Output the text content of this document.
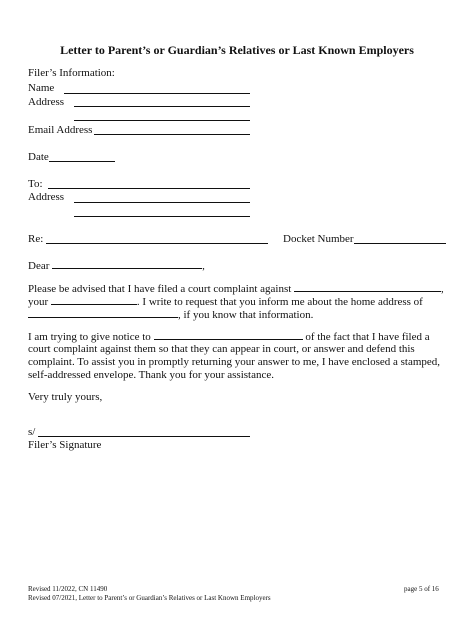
Letter to Parent’s or Guardian’s Relatives or Last Known Employers
Filer’s Information:
Name
Address
Email Address
Date
To:
Address
Re:	Docket Number
Dear	,
Please be advised that I have filed a court complaint against	,
your	. I write to request that you inform me about the home address of
, if you know that information.
I am trying to give notice to	of the fact that I have filed a
court complaint against them so that they can appear in court, or answer and defend this
complaint. To assist you in promptly returning your answer to me, I have enclosed a stamped,
self-addressed envelope. Thank you for your assistance.
Very truly yours,
s/
Filer’s Signature
Revised 11/2022, CN 11490	page 5 of 16
Revised 07/2021, Letter to Parent’s or Guardian’s Relatives or Last Known Employers
